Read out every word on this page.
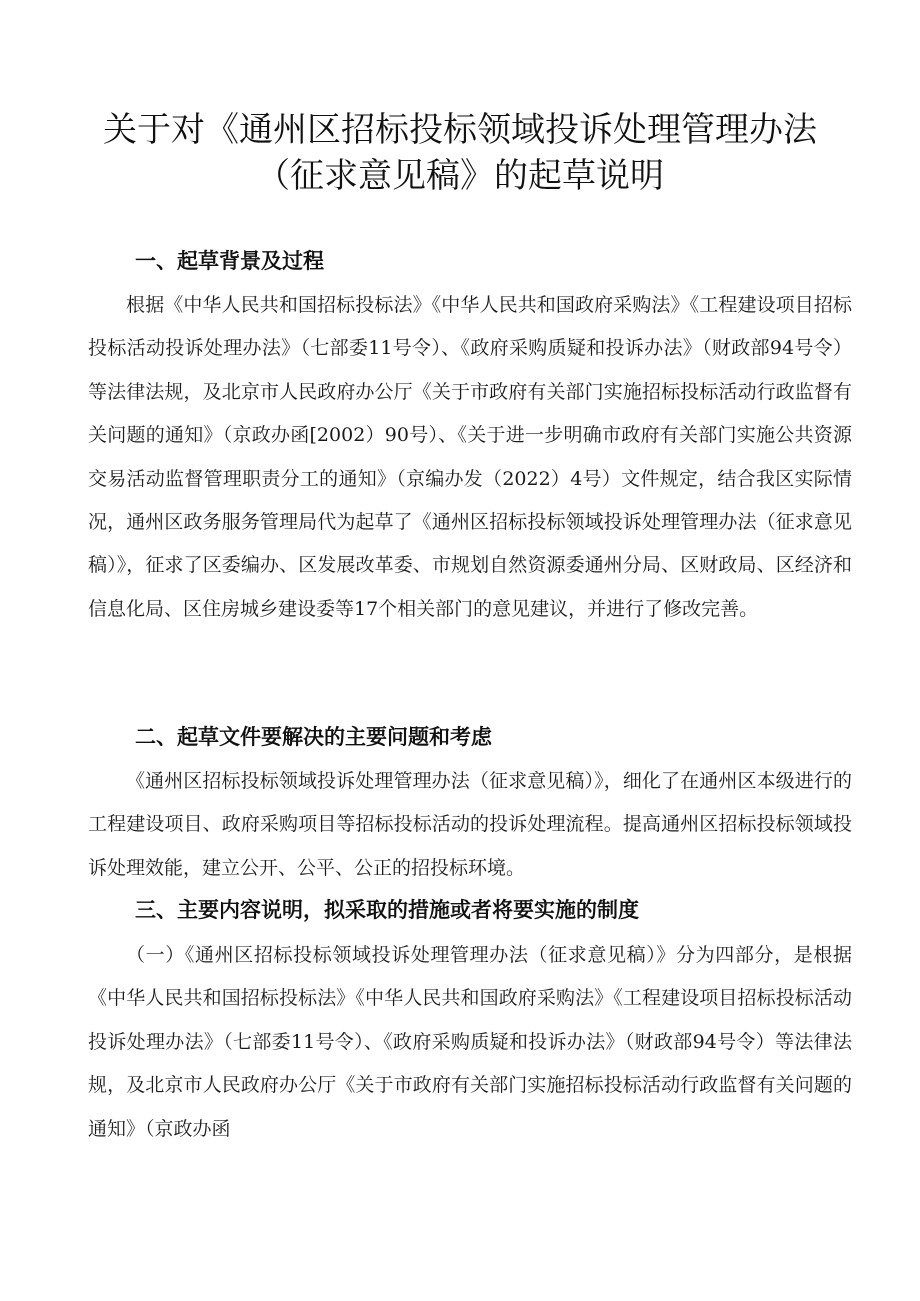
关于对《通州区招标投标领域投诉处理管理办法
（征求意见稿》的起草说明
一、起草背景及过程

根据《中华人民共和国招标投标法》《中华人民共和国政府采购法》《工程建设项目招标投标活动投诉处理办法》（七部委11号令）、《政府采购质疑和投诉办法》（财政部94号令）等法律法规，及北京市人民政府办公厅《关于市政府有关部门实施招标投标活动行政监督有关问题的通知》（京政办函[2002）90号）、《关于进一步明确市政府有关部门实施公共资源交易活动监督管理职责分工的通知》（京编办发（2022）4号）文件规定，结合我区实际情况，通州区政务服务管理局代为起草了《通州区招标投标领域投诉处理管理办法（征求意见稿）》，征求了区委编办、区发展改革委、市规划自然资源委通州分局、区财政局、区经济和信息化局、区住房城乡建设委等17个相关部门的意见建议，并进行了修改完善。

二、起草文件要解决的主要问题和考虑

《通州区招标投标领域投诉处理管理办法（征求意见稿）》，细化了在通州区本级进行的工程建设项目、政府采购项目等招标投标活动的投诉处理流程。提高通州区招标投标领域投诉处理效能，建立公开、公平、公正的招投标环境。

三、主要内容说明，拟采取的措施或者将要实施的制度

（一）《通州区招标投标领域投诉处理管理办法（征求意见稿）》分为四部分，是根据《中华人民共和国招标投标法》《中华人民共和国政府采购法》《工程建设项目招标投标活动投诉处理办法》（七部委11号令）、《政府采购质疑和投诉办法》（财政部94号令）等法律法规，及北京市人民政府办公厅《关于市政府有关部门实施招标投标活动行政监督有关问题的通知》（京政办函
